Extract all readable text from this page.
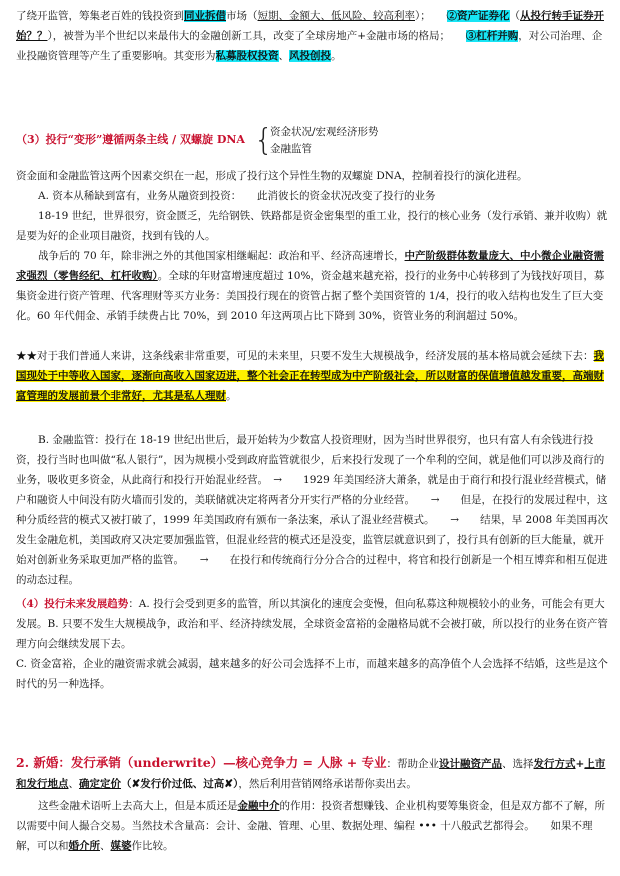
了绕开监管，筹集老百姓的钱投资到同业拆借市场（短期、金额大、低风险、较高利率）；　　②资产证券化（从投行转手证券开始？？），被誉为半个世纪以来最伟大的金融创新工具，改变了全球房地产+金融市场的格局；　　③杠杆并购，对公司治理、企业投融资管理等产生了重要影响。其变形为私募股权投资、风投创投。

（3）投行“变形”遵循两条主线 / 双螺旋 DNA {
资金状况/宏观经济形势
金融监管

资金面和金融监管这两个因素交织在一起，形成了投行这个异性生物的双螺旋 DNA，控制着投行的演化进程。

A. 资本从稀缺到富有，业务从融资到投资：　　此消彼长的资金状况改变了投行的业务

18-19 世纪，世界很穷，资金匮乏，先给钢铁、铁路都是资金密集型的重工业，投行的核心业务（发行承销、兼并收购）就是要为好的企业项目融资，找到有钱的人。

战争后的 70 年，除非洲之外的其他国家相继崛起：政治和平、经济高速增长，中产阶级群体数量庞大、中小微企业融资需求强烈（零售经纪、杠杆收购）。全球的年财富增速度超过 10%，资金越来越充裕，投行的业务中心转移到了为钱找好项目，募集资金进行资产管理、代客理财等买方业务：美国投行现在的资管占据了整个美国资管的 1/4，投行的收入结构也发生了巨大变化。60 年代佣金、承销手续费占比 70%，到 2010 年这两项占比下降到 30%，资管业务的利润超过 50%。

★★对于我们普通人来讲，这条线索非常重要，可见的未来里，只要不发生大规模战争，经济发展的基本格局就会延续下去：我国现处于中等收入国家，逐渐向高收入国家迈进，整个社会正在转型成为中产阶级社会，所以财富的保值增值越发重要，高端财富管理的发展前景个非常好，尤其是私人理财。

B. 金融监管：投行在 18-19 世纪出世后，最开始转为少数富人投资理财，因为当时世界很穷，也只有富人有余钱进行投资，投行当时也叫做“私人银行”，因为规模小受到政府监管就很少，后来投行发现了一个牟利的空间，就是他们可以涉及商行的业务，吸收更多资金，从此商行和投行开始混业经营。　→　　1929 年美国经济大萧条，就是由于商行和投行混业经营模式，储户和融资人中间没有防火墙而引发的，美联储就决定将两者分开实行严格的分业经营。　　→　　但是，在投行的发展过程中，这种分质经营的模式又被打破了，1999 年美国政府有颁布一条法案，承认了混业经营模式。　　→　　结果，早 2008 年美国再次发生金融危机，美国政府又决定要加强监管，但混业经营的模式还是没变，监管层就意识到了，投行具有创新的巨大能量，就开始对创新业务采取更加严格的监管。　　→　　在投行和传统商行分分合合的过程中，将官和投行创新是一个相互博弈和相互促进的动态过程。

（4）投行未来发展趋势：A. 投行会受到更多的监管，所以其演化的速度会变慢，但向私募这种规模较小的业务，可能会有更大发展。B. 只要不发生大规模战争，政治和平、经济持续发展，全球资金富裕的金融格局就不会被打破，所以投行的业务在资产管理方向会继续发展下去。

C. 资金富裕，企业的融资需求就会减弱，越来越多的好公司会选择不上市，而越来越多的高净值个人会选择不结婚，这些是这个时代的另一种选择。

2. 新婚：发行承销（underwrite）—核心竞争力 = 人脉 + 专业：帮助企业设计融资产品、选择发行方式+上市和发行地点、确定定价（✘发行价过低、过高✘），然后利用营销网络承诺帮你卖出去。

这些金融术语听上去高大上，但是本质还是金融中介的作用：投资者想赚钱、企业机构要筹集资金，但是双方都不了解，所以需要中间人撮合交易。当然技术含量高：会计、金融、管理、心里、数据处理、编程 ••• 十八般武艺都得会。　　如果不理解，可以和婚介所、媒婆作比较。
